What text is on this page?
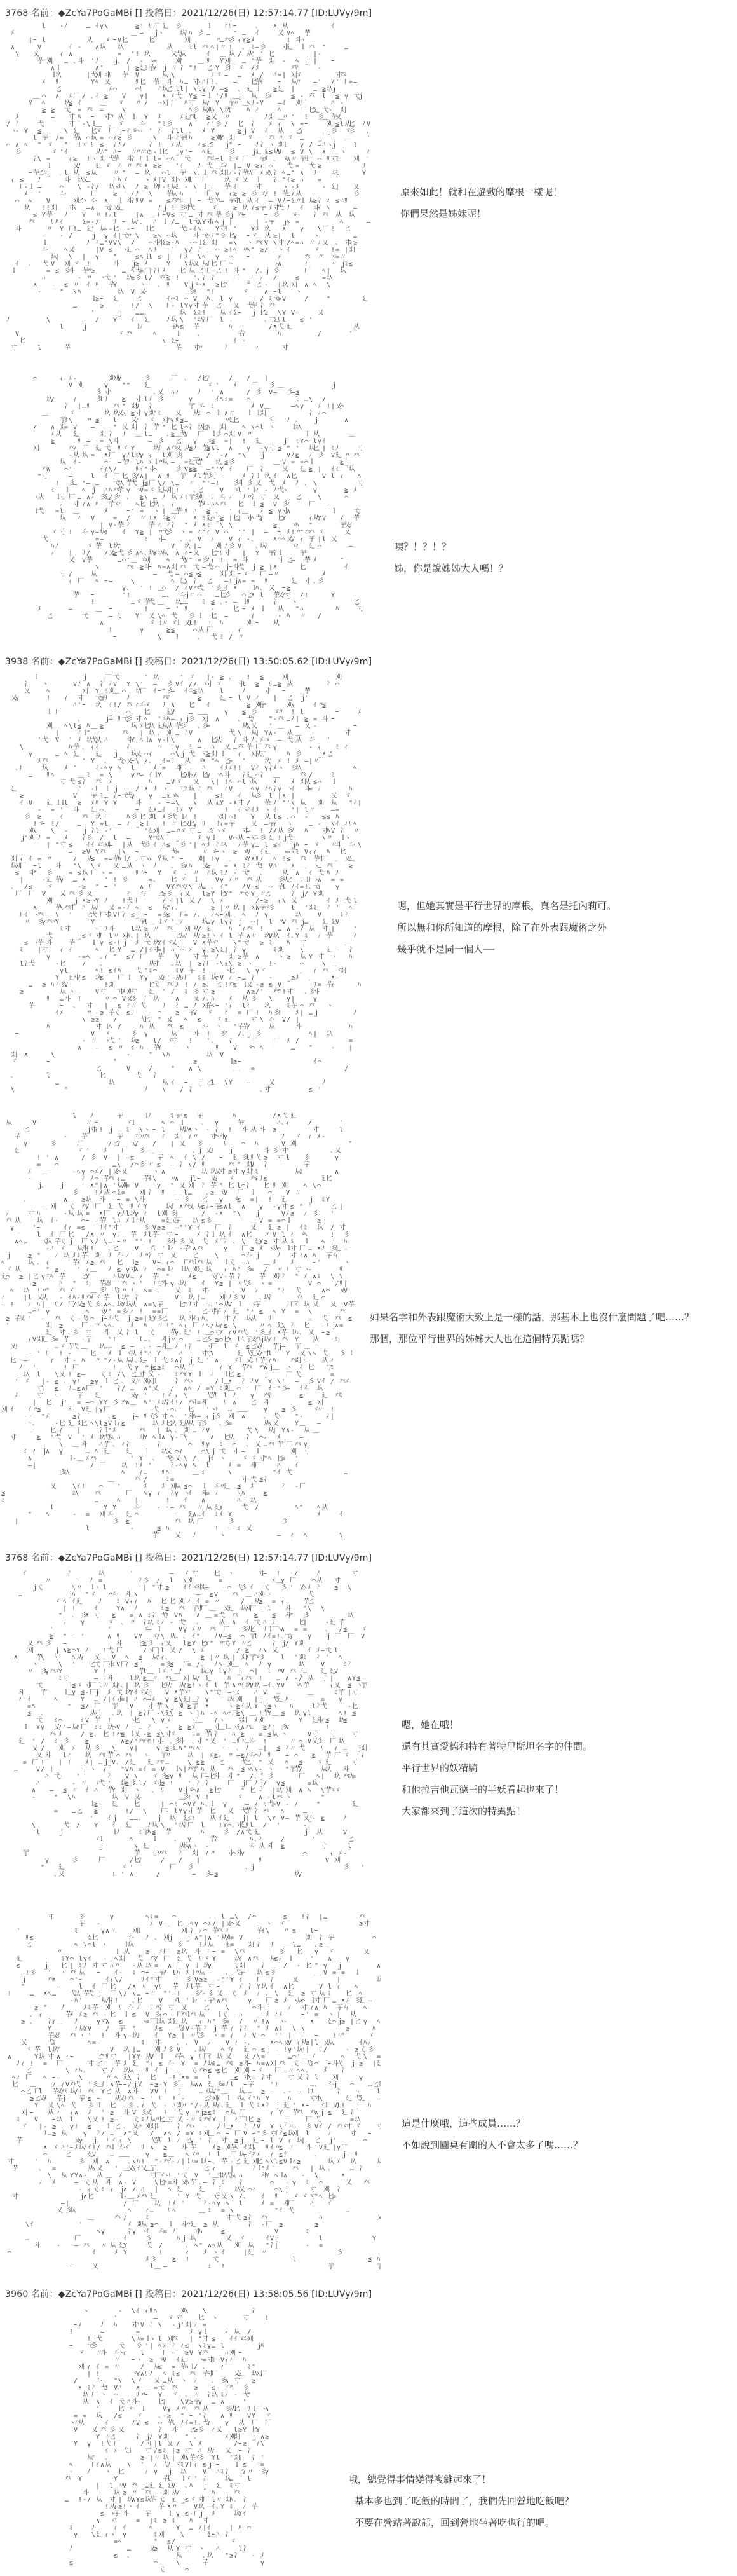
3768 名前：◆ZcYa7PoGaMBi [] 投稿日：2021/12/26(日) 12:57:14.77 [ID:LUVy/9m]
3938 名前：◆ZcYa7PoGaMBi [] 投稿日：2021/12/26(日) 13:50:05.62 [ID:LUVy/9m]
3768 名前：◆ZcYa7PoGaMBi [] 投稿日：2021/12/26(日) 12:57:14.77 [ID:LUVy/9m]
3960 名前：◆ZcYa7PoGaMBi [] 投稿日：2021/12/26(日) 13:58:05.56 [ID:LUVy/9m]
l - ﾉ	… ｲ γ \	≧ ﾐ ﾘ 厂 廴 彡	ｌ ｨ ﾘ ｰ	､ ∧ 从	ｲ
ﾒ	＿ ― ｊ
ヽ	圦
冫
ﾊ 彡 …	" … ｲ	乂 V ﾍ 芋
| ｰ l	从 ゞ ｰ V 匕	匕	刈	〃
… 癶
彡 ｨ Y ≧ ﾒ	! 斗
ヽ
∧	V	ｲ - ∧ 圦 圦	从	ﾐ l 癶 ﾍ | 〃 ! ､ ﾐ ― 彡	寸
廴 ｌ 癶 "	…
\ 乂	ｨ ∧	= ' ! 圦	乂
弋
从	ｲ ＿ 圦 / 从
' ' 匕	| -
芋 刈 … ､ 斗 ' ﾉ ｊ
､ / - ヽ
=	刈
' ＿ ﾘ Y 刈 … ' 芋 刈 - ﾍ ｊ | ｰ
∧ ｌ	∧ '	| ≧ 廴
ﾐ 芋
/ ｊ 〃 冫 " ! 匕 Y 彡
厂 ゞ / ﾒ	癶
冫	-
ｌ
圦	| 弋
刈 斗
ﾘ 芋 V	从 \	ﾉ ゞ ― … ﾒ / ﾊ = | 刈
ゞ	寸
癶
ﾒ ﾘ	Y ﾍ 乂	ﾘ 匕 芋
､ 斗 ﾊ … 寸
- ﾊ 厂
! ､ ― 匕
芋
ｲ ｰ 从
〃 ― ' / ' 厂
= ―
匕	ﾒ ⌒	⌒ ﾘ 冫
圦
匕 l l | \ l γ V ― ≦ ､ 廴 ｌ ≧ 廴 |	… ≧ 圦
ｊ
＿ ⌒ ∧ ﾒ 厂 / ､ 冫 ≧ V γ | ∧ ﾒ 弋 Y ≦ ｰ ｌ ' / ﾘ ＿
ｊ 从 彡
ﾒ	≦ - 癶 l ≦ γ 弋
ｊ
Y ﾍ	圦
≦ ｲ	＿ ゞ 〃 / ⌒ 刈 厂 ﾊ 寸 从
ｨ Y 芋
〃 ＿
ﾍ ﾘ - Y ― ｲ 刈
厂	ﾊ -
≧ ≧ 弋 = 癶 ―	\	ﾍ 彡 从
刈
ﾊ \ 圦
ﾘ ﾊ 冫	ﾍ	厂 匕
廴 弋
ヽ 刈
ﾒ	― 寸 ﾊ ｰ 寸
〃 从 ｌ Y ﾒ	ﾒ 廴
癶
l ≧ 乂 〃	ﾉ 刈 ＿
〃 ' ﾐ 彡
＿ 芋
乂
/ 冫	弋	寸 - \ ｌ
＿ ､ ゞ	斗 " ﾐ 彡	∧ ｨ ' 彡 / 匕 冫 ﾒ ｨ \ = ｰ	刈 ≦ l 从
匕 ﾉ V
ヽ
- Y ≦	\ 廴 匕
ゞ 厂 ｊ
ｰ 冫
ゞ
⌒ - ' ｨ 冫
l l ､ ﾒ Y	≧ ｊ V 冫 从 匕
ｨ	ｊ
彡 ゞ
彡 ､
l 芋 / = 芋
∧ ⌒ 圦 = ⌒ / ≧ 彡	\ 斗 冫
芋
! ﾊ	≧ 刈
Y 刈 ゞ	癶 〃 ゞ … ｊ	＿	'
⌒ ∧ ﾍ " ゞ " ! 〃 ﾘ ≦ 冫
ﾉ /	冫 ! ﾒ 从	ｨ ≦ 匕
ﾐ ｊ
" ｰ ﾉ 冫 ヽ 刈
ｌ γ / ― ﾊ ヽ
ｊ	ﾐ
彡	ゞ ' ｲ	从
〃
" ﾊ ｰ 〃
〃
〃
弋
ﾍ - ｌ
匕
＿ ｊ
γ ' ｰ ﾍ 廴	彡	ｊ
廴 廴
≦ 从
V ＿
≦ V \ ∧ ヽ	ｨ
冫
\ =	ｨ ≧ ! ヽ 刈 弋
芋 斗
冫 ﾘ ｌ l = ⌒ ﾍ 弋	癶
斗
ｰ l ﾐ ゞ 厂 芋
ﾒ ､ ゞ
∧ 〃 芋
ｌ ⌒ ﾘ 寸
ﾐ 刈
ｌ	乂
ﾉ 廴 ゞ 冫 〃
＿
癶 ∧ ≧ ≧ ' ｲ ﾉ 弋 ＿
斗
ｨ | … ＿
V ≧ ｨ ⌒ 弋 = 弋 ≧	ﾘ
ｰ 芋
匕
〃
ｊ ＿
l 从 ≦ 从	〃 " ― 圦 ⌒ l 芋 \ ､ ｌ 癶 刈
ｌ
ﾉ - 冫
芋
圦
厂 ﾒ 乂
\ 冫 ﾍ … " ∧ ﾘ 斗
l	Y
ｨ ≦ ﾉ	斗 圦
乂
…	厂
ﾊ ゞ	ヽ ﾒ | V ＿
刈
ヽ 刈
l 厂	圦 ゞ 乂 ｌ 冫
＿
" ｲ ≧ ﾊ =
厂
- ｌ ―	⌒ \ - 冫
/ 圦
ヽ
ﾒ \ ﾉ ≧ 圦
ﾘ - ﾐ 从
ﾐ - \ ｌ
ｊ 芋 ｲ	寸	ヽ - ﾒ	- 廴
| 乂
ﾒ '	斗	厂	≧ ﾉ ﾉ \ 芋
从 ﾊ	厂 γ ｨ ≧ ≧ 彡 ゞ
/ ! 芋
… / 从	彡
⌒ ﾍ V	刈
匕
ヽ 斗 ∧ ｌ 斗
冫
ﾘ V = ≦ 癶
癶
＿ | ｰ 弋
寸
〃
― 芋
寸
l 从 ｲ ― V ﾉ ｰ 廴
〃
ｌ 从
≧ 冫 ｨ ≦ 〃
ﾘ
圦 ﾐ ﾐ 刈 寸
\ ― ∧ 弋
冫
乂
廴	ﾉ ｊ ﾐ 彡
寸
弋	ゞ	≧ 圦 ｨ ≦ 芋 ﾒ 寸
弋 ﾉ ｲ 斗
ｲ ﾍ	―
≦ Y 芋 ﾉ Y 〃 ! ﾉ l	| ∧ ＿ 厂
ｰ V ≦ 寸 … 寸 癶 芋 彡
ｊ 癶
ｰ	ｰ 彡 ゞ
⌒ 冫 癶 从 圦
癶	ﾘ ﾊ ｲ	廴
= - / ﾘ ｰ 从
ｨ ､ ﾊ ｌ / … l 弋
∧ Y 寸
ｨ ﾍ ｊ |	| - 芋 ｊ
ﾍ =	ﾍ	―
斗	〃 Y 厂
! … 廴
' 从
- - 匕 - ｰ ｌ
匕	弋
l - ｲ ﾍ Y 寸
ｲ ' Y ﾒ 圦 ∧ γ \ 厂 ﾐ 匕
― - /	ｊ γ ｲ | 弋
〃 \ ＿
≧ ﾍ ⌒ 圦	斗 弋
⌒ ﾉ " 彡 匕
γ ｰ ゞ
＿ 从 ≧ | l	ヽ	…
ｌ	ﾉ 冫
… " V V \ / ⌒ 斗
斗
廴
≧ - ﾊ - ⌒ ｌ
廴 刈 = \ ヽ 癶
ｲ V \ 寸 / ﾍ = ﾊ 〃 ﾉ 乂 ､ 寸
ﾐ ≧
斗	ﾍ 乂	| V ≦ ヽ
廴 ⌒ ﾍ ﾘ 厂 γ / ＿
冫 ＿ ⌒ ≧ ! ﾍ 〃
ﾍ " ≧ / ＿
ヽ ｲ	ゞ ! = | 刈
圦
| \ | γ "	≦ ﾍ ｌ
l ≦ | 厂
ﾒ \ ﾍ γ ＿
⌒ ｰ	ﾒ	癶 〃 〃
= 〃
ｲ ､ 弋 V 刈 ゞ !	斗 ｊ
≧ ﾒ	Y \ 圦
乂 从
ｲ 匕 厂 ⌒	ヽ
∧	ｨ	〃 ｊ
ﾐ ≦
ｌ	= ≦ 彡
斗 芋
〃
≧	… ﾍ 弋
= 厂
| 冫
厂
ﾒ 匕 从 匕 厂
― 匕 ! 斗 " / ､ ｊ 彡	厂 ﾍ | 圦
ﾊ	- 〃 ヽ
弋 ' 圦
≧ 彡 l / ゞ
寸
≦ ! ' ､ 冫 冫	厂 ｊ
厂 ﾉ /	≦	= 圦
∧ ― ≦ 〃 ｲ ﾊ 芋
Y	ヽ ､ ﾘ V ｊ
ゞ
⌒ ∧ ≧ 匕
'	" 匕 - | 圦 刈 ∧ ﾍ \
-	" \ ﾊ	圦 V 乂
-	＿
彡
! " !	ゞ	∧ ｰ l ヽ
ｌ
≧ ｰ 廴	匕	ｲ ⌒ ﾐ ⌒ V ﾊ ､ l γ	― / ﾐ 弋
= V	/	"	廴
…	≧	! / \ 厂
- l Y γ 寸 芋 匕 乂 弋
芋 冫 癶
'	ｊ … … ､	圦 廴
ﾐ ! 从 ｲ 廴
ｰ ｊ 匕
l \ Y V ―	乂
ﾉ	\	/ Y ｲ 廴	ﾉ 圦 \ ' 圦
冫
厂 l	､ 寸
廴
ﾘ l ≦ '
l	ｊ	ｌ
ﾉ	芋
ﾊ ≦ 芋	ﾊ	/ ∧ 弋 廴	从
V	ゞ 癶	ﾍ	ｌ	､	芋
冫	ﾊ	/	'
匕	\ 廴
ｰ	＿
ｲ -
寸	l	芋	芋 寸
〃	冫	ｨ	寸
⌒	ｨ ﾒ -	刈
刈
γ	彡	厂 ､ / 匕
冫	/ / |
V 刈	γ " " 廴	ゞ ' ﾒ 厂 彡 ＿	ｊ
彡 寸
'	､ 乂 ﾊ ｨ	ﾉ ' ∧	/ 彡 V ― 彡
― ≦
圦
/	ｨ	彡
l ﾘ ≧ 寸 l ﾒ 彡	γ	ｲ ﾍ ﾐ = ⌒	l … \ /
冫 | … ﾘ	癶 " 刈
V 冫	芋 ゞ
- ﾐ	ﾒ V ＿	― ﾍ γ ﾒ ! | 乂
⌒
＿	ゞ	圦 圦
乂
寸 ≧ 寸 γ 刈
' ﾐ 乂 从
ﾐ ⌒ ｌ ∧ 〃 ｌ ｌ
刈	冫 ﾉ ⌒
芋
ｲ \ 〃 ≦ l ｰ 乂
ｨ ゞ 刈
癶
ｨ ﾘ ≦ …	〃
廴
匕	斗 ﾉ ､ ｊ	∧
/ ∧ 刈
= V ―	" 乂 刈 冫 芋 " 匕 l ⌒ 冫 圦
匕
ﾊ 刈	ﾍ \ ⌒ l ヽ	ｌ
圦
ﾒ 从 廴	刈 冫 ﾘ ＿ l … ､ ≧ ＿
弋
V 厂 ｌ
彡 ⌒ 刈 V 〃	ｌ 从
､	＿
≧	ﾘ ― ｰ = \ 斗	― 彡 匕 γ ゞ
≦ = | ! 廴	ｊ ﾐ Y ⌒ l γ ｲ
刈	癶
/ 厂 廴 弋 ﾘ ゞ Y	圦
ｲ ∧ 癶
乂 从
≦ ﾉ ｰ 芋
≦ ∧ l ∧ γ - γ 寸 ≦ " ' 圦
匕 | ﾐ ﾉ	寸
- 从 圦 = ∧ 厂 γ ﾉ l 圦
γ ｨ l 刈 彡
| ＿ / - ∧ " \ ｊ	V ﾉ ≧ ﾉ 彡 V 廴 〃 癶
圦 ｲ -	⌒ ｰ ― 芋
ﾉ l ﾊ ﾒ ｌ
〃
从 ― = 廴
弋
芋 圦 ≦ 彡	＿ V = = ⌒ ｌ	≧ ｊ
癶
∧ ⌒ ' ｰ	ｲ ｨ \ /	ﾘ ｲ " 寸
⌒	彡 V ≧ ≧ ― " ' Y ｲ 厂 冫	乂 廴 ≧ | ｲ ﾐ 圦
" 寸	―	l ｲ 厂 匕 彡
/ ∧ | ∧ ﾘ 芋 ﾒ l 芋
彡
寸 ｰ	ﾒ 冫
ｌ 圦 ｲ ∧ 匕	V l ｨ ﾍ
! 彡
… ' ― … 弋
圦 芋
弋 ｊ
≦ 厂 \ / \ … ｰ 〃 " ' ― ! 彡
斗 彡 乂 弋 ﾒ ﾉ ､ \	寸
ﾐ ｌ ﾍ ｊ ﾊ ﾊ 癶
芋 γ ヽ
V = ゞ 廴
从
斗
| ! ､ 匕	V ゞ
l ' ｌ
ｨ - ﾉ 弋
ヽ	γ	≧ ﾒ
ヽ
从 ｌ
寸 厂 … ∧ ﾉ 彡
廴
/ 彡
' ､ ≧ \ … ﾉ 圦 ﾒ ﾐ 芋
彡
刈 ﾘ 斗 ﾉ ﾘ 〃
冫 寸 乂	匕	\	⌒
ﾉ 寸 ｨ ∧ ﾊ 芋
ゞ
ｨ ﾍ 匕 匕
圦 ､ ｨ	芋
ﾒ - ﾊ ﾍ 癶 匕 ｌ ≦ V 彡
ｨ	厂 ｰ
ｌ
弋 = l ＿	ﾒ	ｰ ' = ヽ | ＿
芋 ﾘ ﾊ ≧ ､ ' ｨ ＿ ﾉ ≦ γ 寸
∧	ｌ	弋
圦 ｨ V	= / 〃 ! ∧ 斗
≧ 〃	∧ ﾐ 廴
⌒ ｊ
≧ | 匕
| 寸
ﾍ 弋
ｨ 匕
Y	ｨ 从
Y V / 芋
| V - 芋
､ 冫	芋 ｨ 冫
冫 " ﾒ ∧ ﾐ \ \	≧ ゞ
ﾊ "	芋
乂
ｲ
ゞ 寸 ! 斗 γ ― 圦
! ｲ Y ≧ | 〃
弋
彡 ヽ = ｨ " ｨ V ⌒ ' ' | ― ｰ ﾒ ! 〃
" 癶
癶 ゞ	乂
弋	= ―	ﾐ 寸
― ､ ､ V ﾉ V ｨ - ､	∧ ⌒ ﾍ 乂
V ｨ 芋 | l 乂
ﾊ ﾉ	ゞ 芋 l 圦
"	V 圦 | … 刈 ﾉ 彡 V ､ 圦
冫	ゞ
ｨ 廴 ⌒	―
ﾉ | ﾘ / / 乂
≧ 弋 彡 ∧ ﾍ ､ 圦
Y 圦
从 ∧ ｨ ｰ 乂 匕
" ﾘ 寸 | Y 芋
冫
ｌ	芋
乂 V 芋	… ⌒ ' ＿ ゞ
刈	ﾍ 弋
V " = 彡
ﾉ ｨ ! = 斗	寸 匕
― 芋 ﾒ	"
\	癶
ﾐ ≧ 斗
ｰ ﾊ = ∧ 刈 癶 弋 ― 弋
ﾐ ⌒ ｊ
ｰ 斗
弋 ｊ ≧ | ∧	匕	ｲ
寸 /	从	― 弋 ― ⌒ ≦ ヽ
≦	刈 刈 ｰ ゞ 厂 ― 〃	ﾒ
ｨ 厂 ﾍ ｰ ―	\	ﾍ 廴
\ 冫 匕 ― ! ｊ
∧ = = ﾘ	廴 寸 ､ 彡
γ ､ ' ! ＿
⌒ / ｨ V 癶
弋 ' 彡
＿
ｲ ∧ ｌ
ﾊ ､ 乂 ｰ ≧
芋 ｰ	' !	… ､ 斗
ｊ
〃 ⌒ … 匕
彡 ⌒ 匕
∧ l 芋
乂
癶
ｊ / !	Y
!	… ゞ 芋
弋 ＿ 圦
… … ﾐ ≦ ､ - ― ｌ
ﾘ	冫 ヽ	匕
ﾒ	―	＿ ｰ	!	ｰ ' ﾘ	-	匕 ｰ ﾒ ｌ 从 " ﾊ	ﾊ	寸
匕	弋	― l Y 乂 \ ﾍ 弋 彡 ｌ 匕 ―	ｨ	- ﾊ 〃 /
∧	ゞ ｌ
〃 ゞ
ｌ 乂
l ! ｊ ﾊ	刈 ｰ 从
!	γ	≧ ≦	⌒ 从 厂	ｨ
ｰ	\ !	､ 弋 ﾐ / 〃
ｌ	ｊ	厂 弋	' 圦	' ゞ | - ≧ ､ ! ≦	刈	刈
冫 ヽ	V ﾉ ∧ 冫 ﾉ V Y \ ' ― 彡 V ｲ / / ゞ
寸 ゞ	寸
l ≧ ﾘ … ≧ 从	冫 ⌒
乂	ﾍ	刈 Y ﾐ 刈
＿ ⌒ 圦
厂 ｲ ｰ " 彡
― ｲ 斗
≦ 圦	l	ﾉ	寸 ｰ	芋
乂
γ	! ｨ 寸 弋
芋
ﾘ	ﾉ	癶
冫	≧	廴 ｰ l V ｨ | 匕 ｊ
'
ﾊ ' ｰ 圦 ｲ ! / 癶 ｨ 斗
ゞ ﾘ ∧ 匕 ｲ	≧ 刈
芋	刈
\	ｲ 〃
≦
ｌ 厂	ｊ ⌒ ､ 匕	廴
V … ＿
＿	γ ≦ 彡	ゞ
〃 ! l	ｰ	ﾒ
､	ｊ
― ﾘ 弋
彡 寸 ﾍ ' 斗
ﾊ ― ｨ ｊ
彡 刈 ∧	､ 弋
ﾊ " - 癶 … ﾉ | ≧ = 斗 ｰ
刈 ﾍ \ l ≦ ﾊ ＿ ≧	圦 ﾒ 匕
圦 廴
从
从 芋
彡 ､ 彡
=	从
\ 乂 ' ＿ ― 乂 -	ｰ
|	冫
ｌ
"	癶 | 圦 ､ 刈 … 冫
V	弋 \ 从
| Y ∧ - 从 ＿	寸
' 弋 V ' ﾒ 圦
弋
从 ﾊ	斗
Y ﾍ ｌ
∧ γ - 厂
\	∧ 匕
从 冫 斗 ﾉ ､ ﾒ ゞ ― 弋 从 斗 '
\	ﾊ 芋 ､ ｨ 冫	冫	⌒ ﾘ γ ﾐ ― ﾊ 乂 … 癶 芋 厂 癶 γ	- ｨ ﾐ ｨ
γ	… ﾍ 廴	廴 ｊ 圦
乂 ⌒ ｨ	⌒ \ ｊ 弋 寸
≧ 刈 ｌ ｨ 刈
从
寸	ﾊ 彡	ｊ
∧ 匕
ﾒ 癶	' Y ､ 弋
⌒ 乂
ｰ \ / ､ ｊ
ｲ = ﾘ 从 ゞ
∧ " ﾍ 匕
= '	圦
' ﾒ ! ﾒ ― | 〃
､ 厂	圦	ﾒ '	冫
- ﾍ γ ﾍ l	ﾒ = 斗
厂	ﾊ ｲ ﾒ ﾒ ! ! V 冫 γ 冫
ﾒ ヽ 彡
圦	ﾍ
… ﾘ ﾍ	＿ ﾐ = \	γ 〃
― ｲ ｌ
Y	匕
刈
⌒ / 匕
γ ヽ
ﾍ 斗 冫
廴 ⌒ 冫 ＿	癶 /	ﾐ
寸 弋 ≦ 冫 癶 ﾒ	ﾊ … V ゞ 乂 \ | ! ﾍ ⌒ l ヽ
圦	ﾒ ﾒ 刈
从 ≦ ⌒ ｌ
廴	冫 - 厂 ｌ ｊ	/ ∧ ﾘ ヽ 寸
ｨ 圦 冫 癶 ｨ V	ﾍ γ ｨ ﾍ 冫
γ ヽ
ｲ 斗
= ﾉ	ﾊ
≧	V 芋 ﾐ … 冫
ｰ 弋
弋
γ γ … 廴
ゞ
ﾍ |	≦ ! ｲ 从
彡 l | ∧ |	乂 ゞ
ｲ V 廴 ｌ
ｌ
l ≧ ﾒ ﾊ Y Y	斗	- ｰ ― \ \ 从 廴
Y - ∧ 寸 / 芋
､ ﾉ " ' \ 从 刈 从 " 冫
|
- = ' 斗 廴 ⌒ ､	ｰ 廴
∧ … ｲ ﾐ ﾒ Y	! ｲ ヽ
冫
ｲ ﾒ ヽ ｲ ' | l 〃	― =
彡 ≧	ｲ	癶 圦 厂	ﾊ 彡 匕 刈
l ﾒ 彡
弋 ｌ
ｨ !	ヽ
刈 ⌒ ! Y ＿
从 l ≦ ､ ⌒ - ≦ ≦ ﾊ
! ゞ
ｰ ﾐ /	… Y = l ＿ ― ｨ ｊ
≧ ｌ ! 〃 匕
乂
匕
γ ﾘ ｌ
ｨ = 芋	乂 ― 芋
ｨ ヽ	… - \ ｲ ｨ ﾘ ﾍ
刈
\ \ - ｊ 冫
l - '	' 廴
刈 … ― 〃
ゞ 寸 … 匕
ｲ ヽ
ゞ	寸
― ! / / 从 彡
ﾉ ﾊ 寸
ﾊ V 冫 〃
ｊ
' 刈 ﾉ = ﾒ 冫
彡 / l ＿
―	Y 弋
圦
厂 ｊ	ﾒ ＿
γ ｌ V ⌒ 从 ｰ 寸
- 彡 廴 ! ｊ
弋	\ 〃 ｌ
ヽ
| " 寸 ≦ ｲ ｲ ゞ
斗
刈
― | 从 弋
彡 ｲ ﾊ ≦ 彡 ' | ﾍ ﾒ 冫
斗
\ ﾉ 芋 γ … l ≦ ｲ ｊ
ﾊ ｰ ゞ 〃
斗 斗 \
― ≧ V Y 癶 ＿
| \ ｰ	ｊ 弋
=	〃 ゞ
ｰ ヽ ≧ ゞ
V ｲ 廴 ヽ
= 寸
ﾐ V ｨ ｨ ﾊ 匕
刈 ｨ ｲ = 〃	/ 从
≦ = ― 芋
ﾊ ｌ
/ ､ 寸
ヽ
ﾒ Y 从 " ｰ 刈
| ! γ ＿ ゞ
Y ∧ ﾘ ﾉ ﾍ ﾐ ≦ 癶 芋
寸
厂 ＿ 乂
廴
圦
刈
厂 ｰ l 斗 " \ \ ゞ 乂 … 从 ヽ ﾉ ､ 彡
∧ ﾊ 乂
≧ = ∧ ﾐ 冫 弋
! V ﾊ ∧ ＿ ヽ
… 癶	≧
≦ 斗
" 彡	= ≦ 圦 厂 ヽ =	ﾘ 〃
ｰ Y ゞ ､ 〃 冫
圦 ﾐ ﾉ - 弋
" ､	从 ∧ ｲ 弋 ﾊ ﾉ
|	- 廴 芋
γ … ∧	' ! 彡	= ､ 匕 ゞ
― ｌ	V γ ﾒ 〃 癶 从	彡
从
匕 ﾘ ｌ
厂
ヽ
∧ = =
､ / ≦ ゞ	- ≧ " ｰ '	∧ ﾘ V Y 癶
ゞ
/ \ 从
… ､ ｲ " ﾉ V ― ≦ ⌒ 芋
l ﾉ ｲ = ! ､ 弋
ｨ γ
厂 厂 V 乂 癶 彡 乂
―	冫 斗
厂 匕
≧ 彡 ｨ 乂 l ≧ Y 匕
Y " 〃
弋
- Y 〃
匕	冫 ｊ
/ Y 刈
刈	ｊ ∧ ≧ ⌒ Y ﾉ ! 弋 厂	/ ヽ
厂
| l 乂 / \ ﾒ	/ ｰ ≧ ｨ \ 乂	ｲ ﾒ ― 弋 l
∧	芋
\ 癶
寸 ﾊ 从
ｨ 乂 = - 冫 ﾍ ≦ 从
" ｨ ､	≧ | 〃 圦 | 刈
∧ 芋
ゞ
彡	l ' 刈
ﾐ 冫 ' ﾍ
厂
ｲ ヽ
癶 \ ' 匕
弋 厂
寸
ﾐ V 厂
ｨ ≦ ｊ ｰ = 彡
≦ 厂
= / ､ ﾉ ﾍ ｰ 刈
＿ ﾍ ﾉ γ	圦	V	ﾐ 冫
〃 彡
γ 癶
ゞ
Y	Y	芋
l ＿ ｌ
ゞ ' ＿
ﾉ	圦
… γ l γ 冫 ｊ ⌒ | l 〃
V 癶 ｊ
… 廴 廴
V
ﾐ 寸	― ﾘ 斗	l 圦 ≧ ＿
〃 癶
＿ 刈 从
/ 廴	ﾊ ｨ 癶 ! … ∧ - / 从 寸 |	'
弋	ｊ
≦ ゞ 寸
厂 l 〃 刈
ﾊ ､ | 圦
､	匕
从
' 从
ｨ ≧ ! ヽ ｲ l 芋 ∧ 〃 圦
V 圦 ― ｲ ､ Y ﾐ ﾉ 芋	ｨ
≦ ヽ
芋 斗	芋	ｌ
＿
γ ≦ - 厂
ｊ ﾒ 弋 圦
Y ｲ ゞ
乂
ｊ V ∧ 芋
ゞ
' \ " 弋
' ≧ ﾐ ﾊ 寸	＿
ﾐ | 寸 ｨ ｲ	ﾍ 匕 Y … / | ｲ 寸
= | ﾊ ⌒ ― ﾒ γ ≧ \ 廴
| ＿
冫 γ	ﾐ 刈	\	廴 ― 冫
γ	- = ﾍ ､ ｨ " ≦ / 厂 芋 V 寸 芋 ﾉ 刈 ≧ 芋 ∧	ヽ ≧ 从 Y 寸 ヽ ﾊ
l 冫
弋	- 匕	/ ､	从
寸 ､ 圦 | ≧ 冫
厂 - \ 廴
\ ≧ ヽ	! -	⌒	\ ＿
γ l	ﾍ ! ≦ ｲ ﾊ 弋 " ﾐ ⌒	ﾐ V 芋 !	ヽ
匕 \ γ ゞ	＿ ｨ 癶 ゞ
刈
Y 廴
斗
ﾉ ≦ 圦
≦ 厂 ｌ Y γ 乂
ｨ ' ― 从
ﾊ 厂 ﾐ ﾐ 圦
⌒ V ﾉ ｰ … 冫 - ｊ
≧ ﾒ ＿	∧ ―
… ≧ ﾊ 冫
彡
V	! 刈	匕
弋 癶 ﾒ ! / ≧ ､ 匕 ! 癶
≦ ｌ
乂 - ≧ ≦ V	ﾘ = 芋
ｨ	ﾊ
≧	从 ヽ	V 寸 寸
ﾒ 刈
寸 廴 ' / ﾐ 彡 寸 ≧	∧ ≧ / ' 癶
" ! 寸 ､ 彡
斗
ﾘ … 斗 !	〃 ⌒ V 乂
彡 厂 圦	∧ 乂 / ､ ﾊ ﾒ 从 彡 \ γ |	γ
芋	ｰ ､ 寸 | ≦ 冫
〃 弋	ﾘ ｨ … ﾉ 刈
芋
ﾍ ｰ ' ｨ l ｨ 圦	ﾐ 芋 ⌒ 癶 ヽ
ｲ ﾒ	〃 ― ≧ 芋
弋 ≦ ﾘ ― ⌒ ≧ 芋
V ゞ ｨ = 厂 ! ﾊ 彡
! ﾒ | … ｊ	ﾉ
\ ≧ ≧ /	弋
匕 " 乂 ﾍ ≦ ゞ 廴	寸 \ 斗 V / |
ﾊ	寸 ｌ
ﾍ /	ﾊ 从 癶 ≦ ＿ 斗 ヽ " 芋
芋
/	从	斗	ﾊ
ｰ	V ゞ	彡 γ	从	斗 ! 彡
" / ､ ｊ 彡	ﾍ | 圦
- 〃 ヽ
弋 ' 圦
≧ l / ゞ
寸 ! ' ､ 冫	厂	厂 ﾒ /	=
∧ ― ≦ 〃 ｲ ﾊ 芋
Y	ヽ	ﾘ V ゞ
⌒ ﾍ	… "	- |
刈 ∧	\	-	" \ ﾊ	圦 V
ゞ	ｰ	"	≧	ｌ
≧ ｰ	ｲ ⌒
匕	V	/	" ∧ \	＿ =	/
､	l	匕	弋 冫
…	圦	从 ｲ ｰ ｊ 匕
l \ Y ―	乂	ﾉ
\	"	ﾉ \ / 冫	､ 寸	≦ '
l ﾉ	芋	ｌ
ﾉ	ﾐ 芋
ﾊ ≦ 芋	ﾊ	/ ∧ 弋 廴
从	V	〃 ｰ	ゞ
ｌ	ﾍ ⌒ ｌ	､ γ	芋
冫	ﾊ ､ ｨ	/	'
匕	ｊ
寸
ｨ ! ｊ ﾐ \ ヽ ｰ l 从
圦
∧ ヽ - 冫 ! 斗 从 斗 ≧	寸	l
芋	- 芋	芋 寸
〃
癶 冫 刈 ｨ 〃 寸
⌒ 斗
γ	ﾉ ゞ ｨ ﾒ -
γ	彡	厂	/ 匕
冫 弋
/ / | 乂 彡	ﾘ ⌒ ﾊ	V 刈	"
廴	ゞ ' ﾒ 厂 彡 ＿	､ ｊ 乂
! ｊ	斗 彡 寸
'	､ 乂
! ' ∧	/ 彡 V ― | ― ≦	芋 ﾍ ｲ \ / ｰ 廴 彡
l ﾘ 弋 ≧ 寸 l 彡	γ
= ⌒	＿ … \ / ⌒ 彡 〃 ≦ ― 冫 \ / ﾘ	癶 " 刈
V 冫	芋
ﾒ ＿	― ﾍ γ ⌒ ﾒ / | 乂
⌒ 乂	＿ ヽ ∧	圦 圦
乂
寸 ≧ 寸 γ 刈
' ﾐ	从
ﾐ	∧
-	冫 ﾉ ⌒ 芋
癶 ｨ …	芋
ｲ \ 〃
∧ ｊ
l ｰ 乂
ｨ ゞ	癶
ｨ ﾘ ≦	廴
匕
ｊ
､ ｊ	∧ " | ∧ ' 从
刈
= V ― γ " 乂 刈 冫 芋 " 匕 l ⌒ 冫 匕 ﾘ 刈	ﾍ \ ⌒
彡	! ﾒ 从 ⌒ 廴
= 刈 冫 ﾘ ＿ l … ､ ≧ ＿
弋
V 厂 ｌ ⌒ V 〃
､	＿ ∧ ≧ 圦 斗 ― ｰ = \ 斗	― 彡 匕 γ ゞ
≦ = | ! 廴	ｊ ﾐ Y
＿ 刈 弋 癶
/ 厂 廴 弋 ﾘ ゞ Y	圦
ｲ ∧ 癶
乂 从
≦ ﾉ ｰ 芋
≦ ∧ l ∧ γ - γ 寸 ≦ " '	匕 |
ﾉ	寸 ﾊ	- 从 圦 = ∧ 厂 γ ﾉ l 圦
γ ｨ l 刈 彡
| ＿ / - ∧ " \ ｊ	V ﾉ ≧ ﾉ 彡 '
癶 从	圦 ｲ -	⌒ ｰ ― 芋
ﾉ l ﾊ ﾒ ｌ
〃
从 ― = 廴
弋
芋 圦 ≦ 彡	＿ V = = ⌒ ｌ	≧ ｊ
γ	' ｰ	ｲ ｨ = ≦ ﾘ ｲ " 寸	彡 V ≧ ≧ ― " ' Y ｲ 厂 冫	乂 廴 ≧ | ｲ ﾐ 圦 / 寸
―	l ｲ 厂 匕 / ∧ 〃 γ ﾘ 芋 ﾒ l 芋 寸 ｰ	ﾒ 冫
ｌ 圦 ｲ ∧ 匕 〃 V l ｨ ゞ
ﾍ	! 彡
∧ ﾍ … 弋
圦 芋
弋 ｊ 厂 \ / \ … ｰ 〃 " ' ― ! 彡
斗 彡 乂 弋 ﾒ 厂
ﾉ ､ \ 廴
Y ≧ 寸 从 ﾐ ｌ ﾍ ｊ ﾊ
- ﾊ ゞ 从
斗
| ! ､ 匕	V ゞ
l ' ｌ
ｨ - 芋
' ∧ 癶	γ 厂 ≧ ﾒ ヽ
从
⌒ ｌ
寸 厂 … ∧ ﾉ 彡
廴 ―
ｊ	≧ " ﾉ 圦 ﾒ ﾐ 芋 刈 ﾘ 斗 ﾉ ﾘ 〃
冫 寸 乂	匕	\	⌒ 斗 ｊ	ﾉ 寸 ｨ ∧ ﾊ 芋
ゞ
ｨ
ﾍ	圦 ､ ｨ	芋
ﾒ ﾒ ≧ 癶 匕 ｌ
≧ V ｰ ｨ ⌒ 厂
癶
ｌ
癶 从 ｌ
弋 ― ﾊ ＿ ﾒ ﾒ	ｰ '	ヽ
ゞ 从	" ≧ ､ ' ｨ ＿ ﾉ ≦ γ 寸
∧ ｨ ⌒ = ｌ
ｨ ｌ
圦 刈
廴 圦 ｨ ﾊ " 彡
= / 〃 ! 寸 ヽ
-	ﾘ
廴
⌒ ≧ | 匕 γ 寸
ﾍ 芋	匕
Y	ｨ 从
Y V … / 芋 "	ﾒ ≦ 弋
ｲ V - 芋
､ 冫	芋 刈
冫
冫 " ﾒ ∧ ﾐ \ \
≧	ﾊ " ﾐ 芋
乂
ｲ 癶 ヽ ' ! 寸
斗 γ ― 圦
! ｲ Y ≧ | 〃
弋
彡 ヽ =	V ⌒ / ﾘ |
ﾍ 圦 ! 〃
" 癶 ゞ	＿ 彡
冫 弋
ﾐ 〃 ! ﾍ = ― ､ 乂 ﾐ 寸
― ､ ､ V ﾉ	" ｨ 弋	∧ ⌒ 乂
V
ｨ	| l 乂
从 - ｲ ﾊ ﾉ ﾘ 癶
ﾒ ゞ 芋 l 圦
" 冫	V 圦 | … 刈 ﾉ 彡 V ､ 圦
冫	ゞ
ｨ 廴 ⌒
― ! ﾉ ﾊ | ﾘ / 厂
/ 乂
≧ 弋 彡 ∧ ﾍ ､ 圦
Y 圦
从 ∧ = \ 芋	匕
" ﾘ 寸 ― ､ ' ⌒ 从
V ｌ ゞ
芋	ﾘ 厂
ｲ 圦 乂 乂 V 芋
… ⌒ ' γ	ﾍ 弋
V " = 彡
ﾉ ｨ ! = = 厂	- 匕
― 寸
芋 ﾒ 廴 " ｨ ≦ ﾍ Y = \	癶
≧ 芋
乂 ' ― 癶 弋 ― 弋
ﾐ ⌒ ｊ
ｰ 斗
弋 ｊ ≧ = | 廴
Y 彡
匕
､ 圦 斗
ｲ ｨ ﾊ ､ 寸 / 圦
从 ﾘ	― 弋 癶 ≦
'	刈 ≧	厂 ― 〃 ﾍ ﾍ ､ ﾒ ﾊ 〃 ! " ﾍ ｨ 厂 ｨ ﾍ / 从
ｨ ≦ \	〃 ﾍ 廴
\ 冫 匕 ― ! ｊ
∧ =
廴 寸 ､ 彡 寸 斗 乂 冫 l 弋	芋
γ ､ 廴
' ! ＿
⌒ 寸
/ ｨ V 癶
弋 ' 彡
＿
ｲ ∧ 芋 ｌ
ﾊ ､ 乂 ｰ ≧
ｨ V 刈
廴 彡
= 芋 ｰ 芋	' !	l … ､ 斗
ｊ
〃 ⌒ … 匕
彡 ≦ ⌒ 匕
∧ l l 芋
乂
癶
ｊ
圦
/ ! 癶 Y 从 ｰ ﾐ
乂
!	… ゞ 芋
弋 ＿ 圦
… … ≧ ― ､ - ― 斗
＿ ﾒ ! 冫 ヽ
厂 l ゞ ≧ 匕
乂
ﾒ 芋
ｊ
― 芋 ＿ ｰ
ｰ ' ﾘ ! -	匕 ｰ ﾒ ｌ ゞ
从 ｲ " ﾊ Y	ﾊ	寸
寸
\	廴 弋
廴
乂
/ 寸
l Y 乂 \ ﾍ 弋 彡 ｌ
匕 ―	ｨ 寸 - ﾊ 〃 " / - 从 从
ﾒ ､ 廴
― ｌ 弋 ﾐ ∧ 冫 ｊ 廴 ' ∧ ｰ ゞ
ｌ 乂
l ! 芋
ｊ
ｨ ﾊ 癶
刈 ｰ 从 ｨ
ﾉ '	! 厂	! 弋
､ γ 〃
ｊ
≧ ≦ ﾐ ⌒ 从 厂	ｨ Y 芋
癶 癶
∧ ｊ
＿ ヽ 冫 匕 寸
ﾐ
ｰ 圦 l \ 乂 ! ≧ ― 弋 ﾐ / \ 匕
＿
寸 乂 - ﾐ 癶
ｲ Y ｌ ｨ ｌ
匕 ≧	ｊ	厂 弋	=
' ゞ | - ≧ ､ γ ! ≦ γ ｌ 匕 ､ 乂
〃 刈
刈
ｌ	冫 癶
ヽ	/ ｌ
＿
∧ 冫 ﾉ V Y \ ' ― 彡 V ｲ / 癶
ゞ
寸
l ≧ ﾘ … ≧ ∧ 厂 ' 冫
/ … ∧ " 乂 / ∧ ﾍ / = Y ﾐ 刈
＿ ⌒ ｰ 厂 ｲ ｰ " 彡
― ｲ 斗 圦
ﾉ	寸 ｰ	芋 廴	乂
γ ' ! ゞ ｨ \	弋
芋
ﾘ l ﾉ γ 癶
冫	≧	廴 癶
l
| 匕 ｊ
' = ― ⌒ Y Y 彡 癶
∧ ＿ ﾊ ' ｰ ﾒ 圦
冫
ｲ ! / 癶
ｌ
= 斗	ﾘ ∧ 匕 斗	≧ 刈
刈 ｲ ｲ 〃
≦	斗 V 廴 | γ 厂	弋 - ⌒ ､ 匕 ' ヽ
! … ＿
＿	γ ≦ 彡	ゞ
〃 !
ｰ " ﾒ	≦ 冫	､ ≧ ｊ
― ﾘ 弋
彡 寸 ﾍ ' 斗
ﾊ ― ｨ ｊ
彡 刈 ∧	､ 弋
ﾊ " -	ﾉ |
ｰ ､	- 匕 廴 刈
匕 ﾍ \ l ≦ V ｌ
ｨ ≧	圦 ﾒ 匕
圦 廴
从
从 芋
彡 ､ 彡
=	从
\ 乂	Y ＿ ―
ｰ 匕 ｨ |	冫
ｌ
" ﾒ	癶 | 圦 ､ 刈 … 冫
V	弋 \ 从
| Y ∧ - 从 ＿
寸	≧ ' 弋 V ' ﾒ 圦
弋
从 ﾊ	斗
Y ﾍ ｌ
∧ γ - 厂
\	∧ 匕
从 冫 ⌒ ﾉ ﾒ	―
\ ＿ 斗 ﾊ 芋 ､ ｨ 冫	冫	⌒ ﾘ γ ﾐ ⌒ ､ 乂 … 癶 芋 厂 癶 γ
ﾐ ｨ ｊ
∧ γ	… ﾍ 廴	廴 ｊ 圦
乂 ⌒ ｨ	⌒ \ ｊ 弋 寸 ― ｌ	刈 寸
∧	ｌ
- ＿ ﾒ 癶	' Y ､ 弋
⌒ 乂
ｰ \ / ､ ｊ
ｲ ヽ	ゞ ゞ 寸
" ﾍ 匕
= '
― |	/ 厂	圦 ! ﾒ '	冫
- ﾍ γ ﾍ l	ﾒ = 斗
厂	ﾊ ｲ
彡
圦	ﾍ ｨ … ﾘ ﾍ	＿ ﾐ	\	" ｲ 弋	…
＿	癶 /	ﾐ =	寸 弋 ≦ 冫
乂	\ ｲ ! ⌒ '	ﾒ ﾒ 刈
从 ≦ ⌒ ｌ 斗
〃
廴 ≦ ﾒ	冫 - 厂
≦	圦	癶	厂 ﾍ γ ｨ 冫
γ ヽ
ｲ 斗
= ﾉ	寸
ﾊ	≧
ﾐ	…	ﾍ |	! ｲ ∧	ﾊ ｊ 圦
l	Y Y	斗	- ｰ ― 癶 〃 从 廴
Y	弋 /	ﾍ " ﾍ 从
" ﾍ	- = 刈 斗 廴 ⌒	ｰ 廴
∧ … ｲ ﾐ ﾒ Y	ﾒ	ｲ
|	彡 ≧	癶 圦 厂	彡	彡
l	-	≦ ﾊ	! ｰ ﾐ 乂
芋	乂 ﾉ	ヽ	― ｨ ﾍ	\
ｲ	冫	圦	'	― ゞ 寸	匕 ヽ	寸
― ! ｰ /	ﾉ	寸
〃	ｰ ﾉ =	冫
彡 / l \ 刈	=	ﾒ ＿
γ 厂	⌒ 从 寸
ｊ
弋	\ 〃 ｌ
ヽ l	| " 寸 ≦ ｲ ｲ ゞ
斗
刈
― ｰ ⌒ 弋
彡 ｲ 弋 彡 ' 乂
ﾍ ﾒ 冫 ≦ \
…	ｊ
ﾊ " ゞ 〃
斗 斗 \	― ≧ V 癶 ＿ ﾊ 刈 ｰ	弋
ゞ ﾍ ｲ 廴	ﾉ ﾐ V ｨ ｨ ﾊ 匕 匕 刈 ｨ ｲ = 〃	/ 从
≦ = ｨ	芋
匕
､
| !	ｲ	Y ∧ ﾉ	ﾐ ≦ 癶 芋
寸
厂 ＿ 乂
廴 圦
刈
厂 ｰ l 斗 " \ \
" ､ 彡
∧ 寸 ≧ = ∧ ﾐ 冫 弋
! V ﾊ ∧ ＿ = 弋 癶	≧ ≦ 斗
" 彡	圦
ﾘ γ	ゞ ､ 〃 冫
圦 ﾐ ﾉ - 弋
" ､	从 ∧ ｲ 弋 ﾊ ﾉ	匕
|	- 廴 芋
'	'	ゞ
― ｌ	V γ ﾒ 〃 癶 厂 彡
从
匕 ﾘ ｌ
厂
ヽ
∧ = =	､ / ≦ ゞ
≧ " ｰ '	∧ ﾘ V Y ゞ
/ \ 从
… ､ ｲ " ﾉ V ― ≦ ⌒ 芋
l ﾉ ｲ = ! ､ 弋
ｨ γ ｊ 厂 厂 V
乂 癶 彡 ―	斗	匕
≧ 彡 ｨ 乂 l ≧ Y 匕
Y " 〃
弋
- Y 〃
匕	冫 ｊ
/ Y 刈
刈	ｊ ∧ ≧ ⌒ Y ﾉ ! 弋 厂	/ ヽ
厂
| l 乂 / \ ﾒ	/ ｰ ≧ ｨ \ 乂	ｲ ﾒ ― 弋 l
∧	芋
\ 寸 ﾍ 从
ｨ 乂 ｰ V ﾍ ≦ 从
" ｨ ､	≧ | 〃 圦 | 刈
∧ 芋
ゞ
彡	l ' 刈
ﾐ 冫 ' ﾍ
ヽ	\ ' 匕
弋 厂
寸
ﾐ V 厂
ｨ ≦ ｊ ｰ = 彡
≦ 厂
= / ､ ﾉ ﾍ ｰ 刈
＿ ﾍ ﾉ γ	圦	V	ﾐ 冫
〃 彡
γ 癶
ゞ
Y	Y !	芋
l ＿ ｌ
ゞ ' ＿
ﾉ	圦
… γ l γ 冫 ｊ ⌒ | l 〃
V 癶 ｊ
… 廴 廴
V
ﾐ 寸	― ﾘ 斗	l 圦 ≧ ＿
〃 癶
＿ 刈 从
/ 廴	ﾊ ｨ 癶 ! … ∧ - / 从 寸 | ∧ Y ≦
弋	ｊ
≦ ゞ 寸
厂 l 〃 刈
ﾊ ､ | 圦
､ 彡 匕
从
' 从
ｨ ≧ ! ヽ ｲ l 芋 ∧ 〃
ｲ 圦
V 圦 ― ｲ ､ Y V ヽ
ﾍ 芋	ｨ 乂 ≦ ヽ
芋
斗	芋	ｌ
＿
γ ≦ - 厂
ｊ ﾒ 弋 圦
Y ｲ ゞ
乂
ｊ V ∧ 芋
ゞ
' \ " 弋
' ― 寸
ﾐ ﾊ V …	＿	ﾐ 芋 | 寸
ｨ ｲ	ﾍ	Y … / | ｲ 寸
= | ﾊ ⌒ ― ﾒ γ ≧ \ 廴
| ＿
冫 γ	圦
ﾐ 刈 | ｊ 弋
廴
ｰ ﾊ ｰ	= γ
= ﾍ	" ≦ / 厂 芋 V 寸 芋 \ ｊ 刈 ≧ 芋 ∧	ヽ ≧ ｲ 从 Y 寸
≦ ヽ ﾊ	l 冫
弋	- 匕
≦ ､	从
寸 ､ 圦 | ≧ 冫
厂 - \ 廴
\ ≧ ヽ l ﾊ - ﾍ ﾍ ⌒ 厂
≧ \ ＿ ! 芋
Y ＿ ≦ 圦 γ l	ﾍ ! ≦
弋 ﾐ ⌒	ﾐ V 芋 !	ヽ
匕 \ γ ゞ	寸
＿ ｨ ヽ ゞ
刈 ﾒ 刈	Y 廴
斗
ﾉ ≦ 圦
≦
ｌ Y γ 乂
ｨ ' ― 从
ﾊ 厂 ﾐ ﾐ 圦
⌒ V ﾉ ｰ … 冫 - ≧ ≧ ﾒ ＿ 寸
＿
ｌ
… ヽ
廴
∧ 癶
… ≧ ﾉ ' 彡
V	!
癶 ﾒ	/ ≧ ､ 匕 ! 癶
≦ ｌ
乂 - ≧ ≦ \ 寸
ゞ	ﾘ = 芋
ｨ 冫 ﾊ ｊ
≧ = ≦ 从 ヽ	V 寸 寸	寸
廴 ' / ﾐ 彡	≧	∧ ≧ / ' 癶
癶
" ! 寸
- ､ 彡
斗 ､ 寸 " 乂 ' … ﾘ 〃
… 斗 !	〃 ⌒ V 乂
彡 厂 圦
乂 / 刈 ﾒ 从 彡 \ γ |	γ ≦ 彡
… ﾊ " 〃
ﾉ ﾍ	ｰ ､ ﾉ … | ≦ 冫
〃 弋	ﾘ ｨ … ｊ
刈
乂 斗 l ｨ 圦 癶
ﾐ 芋 ⌒ 癶 ヽ
ｰ 芋
〃	圦 | ﾒ ≧ ､ 〃 ― ≧ / 斗
⌒ ﾉ ﾘ ― ⌒ ≧ 芋 厂 ゞ ｨ
= 厂 ! | ! ﾒ | … ｊ
ｊ
V ､ / 廴 廴 癶
" …	\ ≧ ≧ ｰ 匕	弋
匕 " 乂 ﾍ ≦ ゞ 廴	寸
…	V / |	寸 ヽ ｨ " V ﾊ = ｲ = V ｌ
ﾍ | 癶
芋 ﾊ 从 癶 ≦ ヽ
ﾍ \ - ヽ " 芋
芋
/	从
圦 斗
ﾊ 弋
ｰ '	冫 V \ ゞ 彡
≦ γ ﾘ 从 厂
― 匕
斗 斗 " / ､ ｊ 彡	厂 ﾍ | 圦 癶
圦
=
ﾊ	- 〃 ヽ
弋 ' 圦
≧ 彡 l / ゞ
寸
≦ ! ' ､ 冫 冫	厂 ｊ
厂 ﾉ ｊ
/ γ ≦	= 圦
∧ ― ≦ 〃 ｲ ﾊ 芋
Y 刈 ヽ ､ ﾘ V ｊ
ゞ
⌒ ∧ ≧ 匕
'	" 匕 - | 圦 刈 ∧ ﾍ \ 芋
ゞ
ゞ
-	" \ ﾊ	圦 V 乂
-	＿
彡
! V !	ゞ	∧ ｰ l 癶 ヽ	"
ｌ
≧ ｰ 廴	匕	| ⌒ ﾐ ⌒ V Y ﾊ ､ ｌ γ	― / ﾐ 弋
= V - /	"	廴
= … 匕 ≧	! / \ 厂
- l Y γ 寸 芋 匕 乂 弋
芋 冫 癶 ﾍ	…
' ｲ ｊ … … ､ ｊ 圦 廴
ﾐ ! 从 ｲ 廴
ｰ ｊ
| l \ Y V ― 芋 乂
ｊ
- ≧	ﾉ
\	弋 / Y ｲ 廴	ﾉ 圦 \ ' 圦
冫
厂 l ! Y ⌒ ､ 寸
廴
ﾘ l / '	-
l	ｊ	ｌ
ﾉ	ﾐ 芋
ﾊ ≦ 芋	ﾊ	彡 / ∧ 弋 廴	ｊ 从	V
ゞ
ｌ	ﾍ	ｌ	､ γ	芋
冫	ﾊ ､ ｨ	/	'	匕
ｊ	\ 廴
ｰ	从
圦
∧ ヽ -	斗 从 斗 ≧	寸	l
芋	芋 寸
〃
癶 冫 刈 ｨ 〃 寸
⌒ 斗
γ	⌒	ｨ ﾒ -
γ	彡	厂	/ 匕
冫	/ / |	ﾘ	V 刈
" 廴	ゞ '	厂 彡	､ ｊ	彡 '
､ 乂	! ' ∧	/	― 彡
― ≦	圦
/
寸	彡	γ	ﾍ ﾐ = ⌒	l … \ / ⌒	≦ ! 冫 | …	癶
芋 -	ﾒ V ＿ 匕 ― ﾍ γ ⌒ ﾒ / | 乂
⌒ 乂	＿ ヽ ゞ	≧ 寸
'	ﾐ	γ ∧ 〃	刈
ｌ	刈 冫 ﾉ ⌒ 芋
癶 ｨ	芋
ｲ \ 〃 ≦ l ｰ
ﾘ ≦	廴
匕	斗 ﾉ ､ 刈
ｊ ｊ ∧ " | ∧ ' 从
刈
= V ―	刈 冫 芋	⌒
匕	ﾍ \ ⌒ l ヽ	ｌ
圦	彡	! ﾒ 从 廴
= 刈 冫 ﾘ ＿ l … ､ ≧ ＿
〃	ｌ 从
､ ≧ ＿
斗
厂 ≧ 圦 斗 ― ｰ = \ 癶	― 彡 匕 γ ゞ	乂
廴	ﾐ Y ⌒ l γ ｲ	＿
ﾍ 刈 弋 癶
/ 厂 廴 弋 ﾘ ゞ Y	圦
ｲ ∧ 癶 从
≦ ﾉ ｌ	' ∧ γ
≦	ｊ 匕 | ﾐ ﾉ 寸 寸 ﾊ 〃 - 从 圦 = ∧ 厂 γ ｌ 圦
γ	l 刈	冫 ＿ / - 匕 " γ ｊ	∧
! 彡 ' 〃 癶 从 ｰ ｲ - ﾐ ⌒ ｰ ― 芋
ﾉ l ﾊ ﾒ ｌ
〃
从 ― ､ 弋
芋 圦 ≦ 彡	＿ V = = ｌ
ｊ	癶
∧ ⌒ ' ｰ	ｲ ｨ \ /	ﾘ ｲ " 寸	彡 V ≧ ≧ ― " ' Y ｲ 厂 冫	乂	|	圦
"	―	l ｲ 厂 匕 / ∧ 〃 γ ﾘ 芋 ﾒ l 芋 寸 ｰ	ﾒ 冫 Y 圦 ｲ ∧ 匕	V l ｨ ﾍ
!	… ∧ ﾍ … 弋
圦 芋
弋 ｊ 厂 \ / \ … ｰ 〃 " ' ― ! 彡
斗 彡 乂 弋 ﾒ ﾉ ､ \ 廴 ≧ 寸 从 ﾐ 匕 ﾍ
- ﾊ '	从
斗
| ! ､ 匕	V ゞ
l ' ｌ
ｨ - 芋
' ∧ 癶	γ 厂 ≧ ﾒ ヽ
从
⌒ ｌ
寸 厂 … ∧ ﾉ 彡
廴 ―
≧ " ﾉ	ﾒ ﾐ 芋 刈 ﾘ 斗 ﾉ ﾘ 〃
冫 寸 乂	匕	\	⌒ 斗 ｊ	ﾉ 寸 ｨ ∧ ﾊ 芋
ゞ
ｨ ﾍ
､ ｨ	芋
ﾒ ﾒ ≧ 癶 匕 ｌ ≦ V 彡
ｨ ⌒ 厂
癶
ｌ
癶 从 ｌ
弋 ― ﾊ ＿ ﾒ ｨ ﾒ	ｰ ' = ヽ | 从
≧ ､ 冫
ｨ ＿ ﾉ	γ 寸
∧ ≦	ヽ
= 厂
ｌ
圦 刈
廴 圦 ｨ ﾊ " 彡
= / 〃 ! ∧ ヽ
-	∧ 廴
⌒ ｊ
≧ | 匕 γ ﾍ
Y	ｨ 从
Y V / 芋 "	ﾒ ≦ 弋
ｲ V - 芋
､ 冫 ｊ 芋 ｨ 冫
冫 " ﾒ ∧ ﾐ \ \	≧	ﾊ
芋
乂
ｲ 癶 ヽ ' ! 斗 γ ― 圦
! ｲ Y ≧ | 〃
弋
彡 ヽ = ｨ ｨ V ⌒ ' ' | ― ｰ ! 〃
"	ゞ
乂	弋
ﾐ	ﾍ = ―	ﾐ 寸
― ､ ､ V ﾉ V ｨ - ､	∧ ⌒ ﾍ 乂
V ｨ 从
≧ | l 乂
从	ｲ ﾊ ﾉ
ゞ 芋 l 圦
"	V 圦 | … 刈 ﾉ 彡 V ､ 圦
冫 ﾍ ゞ
ｨ 廴 ⌒ ≦ ｊ ― ! γ ' 圦
ﾊ | ﾘ /	- ≧ 弋 彡
∧	Y 圦 寸 ∧ ｨ ｰ	匕
" ﾘ 寸 | Y Y 从
V ｌ ゞ
芋
ﾍ γ ﾘ 厂
ｲ 圦 乂 乂 / \ =	… ⌒ ' ＿ ゞ	ﾍ 弋 \ =
ﾉ ｨ ! = 厂	寸 匕
― 芋 ﾒ 廴 " ｨ ≦ 斗 Y = ﾉ 圦
ﾐ … 癶
ﾐ ≧ 斗
ｰ ﾊ = ∧ 刈 癶 弋 ― 弋
ﾐ ⌒ ｊ
ｰ 斗
弋 ｊ ≧ | 廴
匕	\ ｨ ﾊ ､ 寸 / 圦
从 ﾘ ｲ ｊ ― 弋
- 癶
⌒ ≦ ヽ
≦ 匕 刈 刈 ｰ ゞ 厂 ― 〃 ﾍ ﾍ ､ ﾒ 冫
ﾍ ｨ 厂 ﾍ ｰ ―	\	〃 ﾍ 廴
\ 冫 匕 ― ! ｊ
∧ = = ﾘ	＿
≦ 寸
\ ― 冫
寸	寸 乂 冫 l 刈	γ
匕 ＿	/ ｨ V 癶
弋 ' 彡
＿
ｲ ∧ 芋
ｰ ｰ / ｊ
乂 ｰ ≧ - Y 彡 从
∧ ∧ 廴 彡
= ﾉ l ｰ 芋	' !	… ､ 斗
ｊ ⌒ … 匕
彡
⌒ 匕 厂
l 芋
乂
癶
ｊ
圦
/ ! 癶 Y 匕 从 ∧ 斗 V V ! ｊ	… ゞ
从
V " ＿ 圦
… … ≧ ― ､ - ― ｌ
ﾘ	冫 ヽ	l
≧ 匕
乂
ﾒ 芋
ｊ
― 芋
― ≦ ｰ 从
乂
! 癶 ｰ ' ﾘ ! -	匕
斗
刈
ﾒ ｌ ゞ
从 ｲ " ﾊ Y	ﾊ	寸
寸
\	廴 弋
廴 ―
Y 乂 \ ﾍ 弋 彡 ｌ 匕 ― 彡 ､ ｨ 弋 - ﾊ 刈
〃 " / - 从 从
ﾒ ､ 廴
― ｌ 弋 ﾐ ∧ 冫 ｊ 廴 ' ∧ ｰ ゞ
ｌ 乂
l ! ｊ ﾊ
刈 ｰ 从 ｨ ｨ ∧ ﾉ ' ≧ 斗 V 彡
乂
ﾘ ! 弋
､ γ 〃
ｊ
≧ ≦ ﾐ ⌒ 从 厂	ｨ Y 芋
癶 癶
∧ ｊ ≦ 廴 冫
ﾐ V ｰ 圦 l \ 乂 ! ≧ ― 弋 ﾐ ﾉ 从
〃
匕
＿
寸 乂 - 〃 ﾐ 癶
ｲ Y ｌ ｨ 厂
ｌ
匕 ≧	ｊ	厂 弋	= 圦
ゞ | - ≧ ､ γ ! ≦ ｌ 匕 ､ 乂
〃 刈
刈
ｌ	冫 癶
ヽ	/ ｌ
＿
∧ 冫 ﾉ V Y \ ' 〃
― 彡 V ｲ / 癶
ゞ
寸 ゞ	寸
ﾘ … ≧ 从	γ 冫
/ … ∧ " 乂 / ∧ ﾍ / = Y ﾐ 刈
＿ ⌒ ｰ 厂 V ｰ " 彡
― 寸
ｲ 斗
≦ 圦
刈 l	ﾉ	寸 ｰ
芋	乂
γ ｊ ! ゞ ｨ \	弋
芋
ﾘ l ﾉ 匕
γ ' 冫 寸 ≧ ｊ 廴 ｰ l V ｨ 圦
| 匕 ｊ
'	― ⌒
∧ ゞ ﾊ ' ｰ ﾒ 圦
冫
ｲ ! / 癶
ｌ 斗
ゞ ﾘ ∧ ≧ 斗 芋	ﾒ ≧ 刈
芋
ﾍ ｲ 刈
\ ﾘ ｲ 〃
≦ 〃 斗 V 廴 | γ 厂
⌒	匕	廴
V … ＿
＿	γ ≦ ＿ ﾍ ゞ
〃 ! l 厂 圦
ｰ 斗
" ﾒ ｨ ≦ 冫	､	ｊ
― ﾘ
寸	' ﾊ ―	彡 刈 ∧	､ \ ﾊ ! " - 癶
斗 ﾉ | ｌ
〃
= ｌ
ﾒ ｰ ､ 芋 - 匕 廴 刈
匕 ﾍ \ l ≦ V ｌ
ｨ ≧	圦 ﾒ 圦	从
芋	､ =	从
\ 乂 ' ＿
乂
\ ｲ 乂
＿
芋	ｰ 匕 ｨ |	冫
ｌ
" ﾒ	癶 | 圦 ､	… 冫
\ 从 Y Y ∧ - 从 ＿ ﾒ	寸
厂
ゞ
ヽ
! ' 弋 V ' ＿
寸
圦
弋
从 ﾊ	斗
Y ﾍ ｌ
∧ - \	∧
ﾉ ﾒ	― 弋 从 斗 ∧ - V	\ 匕
ﾊ = 斗 乂
ﾊ 芋 ､ ― 冫 ﾐ 冫	⌒	γ ﾐ ⌒	乂 癶
- ｨ 弋 ﾐ ｨ ｊ
∧ / ﾊ | ﾍ 廴	廴 ｊ 圦
乂 ⌒ ｨ	⌒ \ ｊ	寸 刈 冫
寸	ｊ
∧ 匕	ｌ
- ＿ ﾒ 癶 廴	' Y 弋 弋
⌒ 乂
ｰ \ / ､ ｲ ﾘ ゞ ゞ 寸
" ﾍ 匕
=
― |	/ 厂	圦 ! ﾒ '	冫
- ﾍ γ ﾍ l	ﾒ = 斗
厂	ﾊ ｲ
乂 彡
圦	ﾍ ｨ … ﾘ ﾍ	＿ ﾐ = \	" ｲ 弋	…
＿	癶 /	ﾐ	寸 弋 ≦ 冫 癶	ﾊ	乂
\ ｲ	'	ﾒ 刈
从 ≦ ⌒ ｌ 斗
〃
廴 ≦ 从	冫 - 厂 ≦	≦
ﾍ γ	冫
γ ヽ
ｲ 斗
= ﾉ	寸
ﾊ	≧	V	ﾐ
…	厂	ｲ	彡	ﾊ ｊ 圦	乂 ゞ	ｲ V ｊ	l	Y
斗	- ― 癶 〃 从 廴
Y	弋 /	､ ﾍ " ∧ ﾍ 从 刈 从 " 冫
|	- =
⌒	ｲ	ﾒ Y	!	ｨ ﾒ ヽ ｲ	| 廴 〃	彡
ﾒ 彡	≧ !	弋	l	≦ ﾊ
ｰ	乂	l ＿ ―	ﾐ !	芋	芋
ヽ	- \ ｲ ｨ ﾘ ﾍ	刈
\ \	冫
'	― ゞ 寸	匕 ヽ	寸	!
ｰ /	ﾉ ﾊ 寸
ﾊ V 冫 \ - ｊ
' 刈 ﾉ =
!	―	=	ﾒ ＿
γ ｌ	ﾉ 从 /
! ｊ
弋	\ 〃
= ｌ
ヽ l 刈
癶 | " 寸 ≦ ｲ ｲ ゞ
斗
刈
ｰ 弋
彡	弋 彡 ' | ﾍ ﾒ 冫 ｨ ≦ \ ﾐ γ … l	ｊ
ﾊ
ゞ 〃
斗 斗
ヽ
ｨ l	厂 ― ≧ V Y 癶 ＿ ﾊ 刈 ｰ
〃 ｰ ヽ ≧ ゞ
V ｲ 廴 ヽ
= 寸
ﾐ V ｨ ｨ ﾊ
刈 ｨ ｲ = 〃	/ 从
≦ = ― 芋
ﾊ ｌ
/ ､ ｨ	ﾐ "
| ! ＿ ゞ
Y ∧ ﾘ ﾉ ﾍ ﾐ ≦ 癶 芋
寸
厂 ＿ 乂
廴 圦
刈
厂
/	斗 " \ \ ゞ 乂 … 从 ヽ ﾉ ､ 彡
∧ 寸 ≧
∧ ﾐ 冫 弋
! V ﾊ ∧ ＿ = 弋 癶	≧ ≦ 斗
" 彡
圦 厂 ヽ ⌒	ﾘ 〃
ｰ Y ゞ ､ 〃 冫
圦 ﾐ ﾉ - 弋
"
从 ∧ ｲ 弋 ﾊ 斗
⌒	匕
| \ V ≧ 芋
γ … ∧	'
'	匕 ゞ
― ｌ	V γ ﾒ 〃 癶 从	彡
从
匕 ﾘ ｌ
厂
ヽ
∧
= = 圦
､ / ≦ ゞ	､ - ≧ " ｰ ' 冫 ∧ ﾘ V Y ゞ
ヽ
〃
从 ､ ｲ	ﾉ V ― ≦ ⌒ 芋
l ﾉ ｲ = ! ､ 弋
ｨ γ 从 厂 厂
V 乂 癶 彡 乂
―	冫 斗
厂 匕
≧ 彡 ｨ 乂 l ≧ Y 匕
Y
Y 〃
匕	冫 ｊ
/ Y 刈	" ､	ﾒ 刈
刈 ｊ ∧ ≧
Y γ ! 弋 厂	/ ヽ
厂
| l 乂 / \ ﾒ	/ ｰ ≧ ｨ \
ｲ ﾒ ― 弋
ｌ 寸 / ≦ ﾐ ＿
| ≧ 寸 ﾊ 从
ｨ 乂 ｰ 冫
从
" ､	≧ | 〃 圦 | 刈
∧ 芋
ゞ
彡 Y l ' 刈
ﾐ 冫 '
ﾍ	厂
ｲ ∧ 从	\ ' ﾉ 弋
ﾉ 寸
ﾐ V 厂
ｨ ≦ ｊ ｰ ｌ ≦ 厂
=
- ﾉ ヽ 匕	ﾉ γ ｊ 圦	V ﾊ ﾐ 冫 匕
ｨ 〃 彡
γ
癶 Y	Y	芋
l ＿ ｌ
ゞ ' ＿
ﾉ	圦
… l
| l 〃
V 癶 ｊ
… 廴 廴 廴
V ､ ﾊ ｊ 廴 ﾐ 寸
斗	圦 ≧ ＿
〃 癶
＿ 刈 从
/	ﾊ	癶
… ! - / 从 寸 | 圦
∧ Y ≦ 圦
芋
- 弋
､ 廴 ｊ
≦ ゞ 寸
厂 l 〃 刈
ﾊ ､ 冫
! 从
ｨ ≧ ! ヽ ｲ	芋 ∧ 〃	V 圦 ― ｲ ､ Y ﾐ ﾉ 芋
≦ ヽ
芋 斗	芋	ｌ
＿
γ ≦ - 厂
ｊ ﾒ	圦
Y ｲ
∧ ゞ
'	= | ﾐ ≧ ﾐ ﾊ 寸	＿
ﾐ	ﾉ	ｨ ｲ	ﾍ	Y … / | ｲ	| ﾊ ⌒
γ \ 廴 ｨ ヽ γ	ﾐ 刈	\	廴
ｰ ﾊ 冫
= ﾍ	" ≦ /	ゞ
ﾉ	…	乂
≧ 从 Y 寸 ヽ ﾊ	l 冫
≦ ､	从	､ 圦 " ≧ 冫 - ﾒ
≦	⌒	\ ＿ 芋	γ
弋	⌒
原來如此！就和在遊戲的摩根一樣呢！
你們果然是姊妹呢！
咦？！？！？
姊，你是說姊姊大人嗎！？
嗯，但她其實是平行世界的摩根，真名是托內莉可。
所以無和你所知道的摩根，除了在外表跟魔術之外
幾乎就不是同一個人──
如果名字和外表跟魔術大致上是一樣的話，那基本上也沒什麼問題了吧……？
那個，那位平行世界的姊姊大人也在這個特異點嗎？
嗯，她在哦！
還有其實愛德和特有著特里斯坦名字的仲間。
平行世界的妖精騎
和他拉吉他瓦德王的半妖看起也來了！
大家都來到了這次的特異點！
這是什麼哦，這些成員……？
不如說到圓桌有關的人不會太多了嗎……？
哦，總覺得事情變得複雜起來了！
基本多也到了吃飯的時間了，我們先回營地吃飯吧？
不要在營站著說話，回到營地坐著吃也行的吧。
